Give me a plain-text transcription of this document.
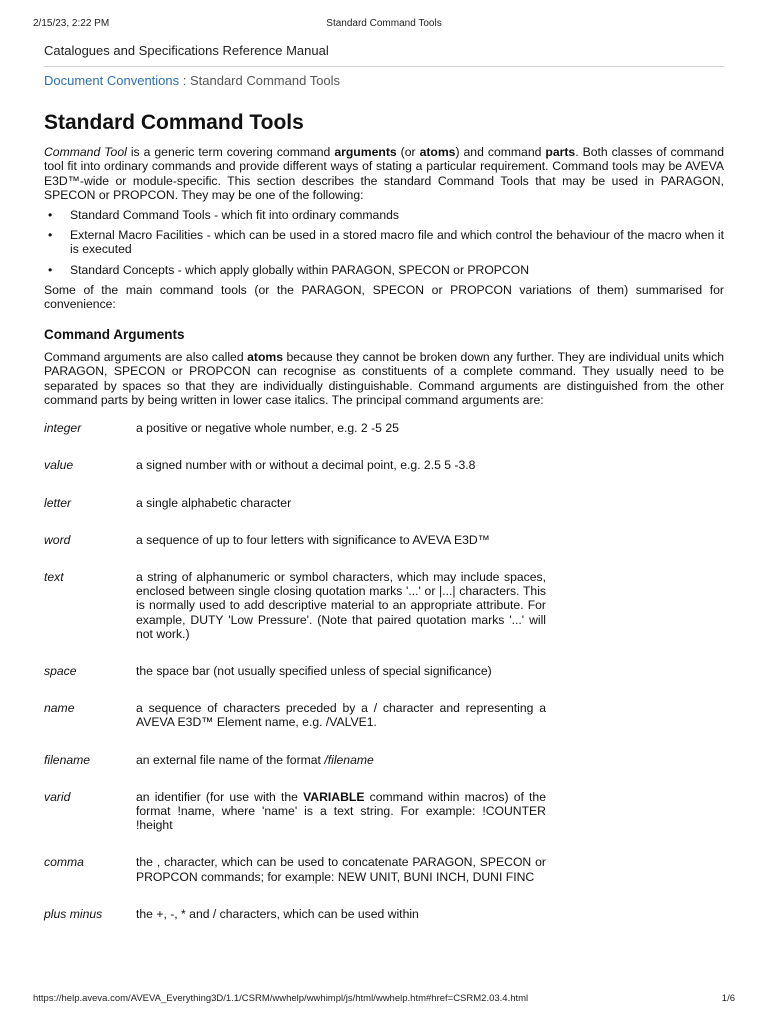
2/15/23, 2:22 PM	Standard Command Tools
Catalogues and Specifications Reference Manual
Document Conventions : Standard Command Tools
Standard Command Tools

Command Tool is a generic term covering command arguments (or atoms) and command parts. Both classes of command tool fit into ordinary commands and provide different ways of stating a particular requirement. Command tools may be AVEVA E3D™-wide or module-specific. This section describes the standard Command Tools that may be used in PARAGON, SPECON or PROPCON. They may be one of the following:

• Standard Command Tools - which fit into ordinary commands
• External Macro Facilities - which can be used in a stored macro file and which control the behaviour of the macro when it is executed
• Standard Concepts - which apply globally within PARAGON, SPECON or PROPCON

Some of the main command tools (or the PARAGON, SPECON or PROPCON variations of them) summarised for convenience:

Command Arguments

Command arguments are also called atoms because they cannot be broken down any further. They are individual units which PARAGON, SPECON or PROPCON can recognise as constituents of a complete command. They usually need to be separated by spaces so that they are individually distinguishable. Command arguments are distinguished from the other command parts by being written in lower case italics. The principal command arguments are:

integer	a positive or negative whole number, e.g. 2 -5 25
value	a signed number with or without a decimal point, e.g. 2.5 5 -3.8
letter	a single alphabetic character
word	a sequence of up to four letters with significance to AVEVA E3D™
text	a string of alphanumeric or symbol characters, which may include spaces, enclosed between single closing quotation marks '...' or |...| characters. This is normally used to add descriptive material to an appropriate attribute. For example, DUTY 'Low Pressure'. (Note that paired quotation marks '...' will not work.)
space	the space bar (not usually specified unless of special significance)
name	a sequence of characters preceded by a / character and representing a AVEVA E3D™ Element name, e.g. /VALVE1.
filename	an external file name of the format /filename
varid	an identifier (for use with the VARIABLE command within macros) of the format !name, where 'name' is a text string. For example: !COUNTER !height
comma	the , character, which can be used to concatenate PARAGON, SPECON or PROPCON commands; for example: NEW UNIT, BUNI INCH, DUNI FINC
plus minus	the +, -, * and / characters, which can be used within
https://help.aveva.com/AVEVA_Everything3D/1.1/CSRM/wwhelp/wwhimpl/js/html/wwhelp.htm#href=CSRM2.03.4.html	1/6
